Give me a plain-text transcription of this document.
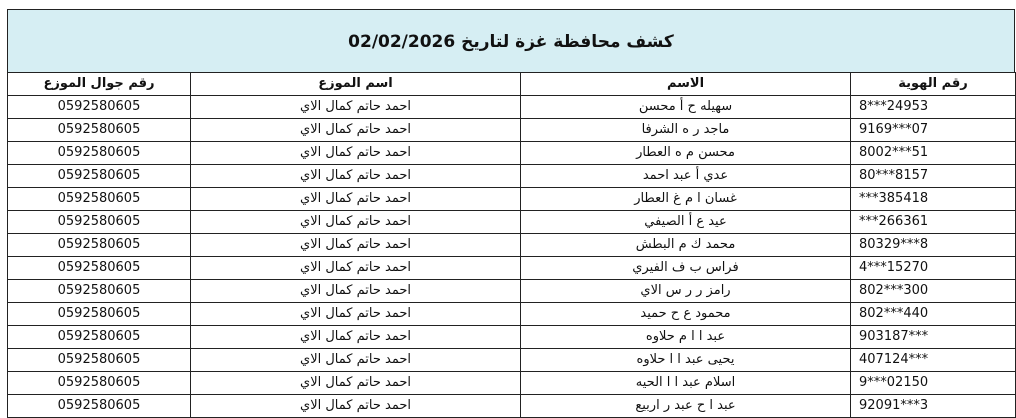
كشف محافظة غزة لتاريخ 02/02/2026
رقم جوال الموزع	اسم الموزع	الاسم	رقم الهوية
0592580605	احمد حاتم كمال الاي	سهيله ح أ محسن	8***24953
0592580605	احمد حاتم كمال الاي	ماجد ر ه الشرفا	9169***07
0592580605	احمد حاتم كمال الاي	محسن م ه العطار	8002***51
0592580605	احمد حاتم كمال الاي	عدي أ عبد احمد	80***8157
0592580605	احمد حاتم كمال الاي	غسان ا م غ العطار	***385418
0592580605	احمد حاتم كمال الاي	عيد ع أ الصيفي	***266361
0592580605	احمد حاتم كمال الاي	محمد ك م البطش	80329***8
0592580605	احمد حاتم كمال الاي	فراس ب ف الفيري	4***15270
0592580605	احمد حاتم كمال الاي	رامز ر ر س الاي	802***300
0592580605	احمد حاتم كمال الاي	محمود ع ح حميد	802***440
0592580605	احمد حاتم كمال الاي	عبد ا ا م حلاوه	903187***
0592580605	احمد حاتم كمال الاي	يحيى عبد ا ا حلاوه	407124***
0592580605	احمد حاتم كمال الاي	اسلام عبد ا ا الحيه	9***02150
0592580605	احمد حاتم كمال الاي	عبد ا ح عبد ر اربيع	92091***3
